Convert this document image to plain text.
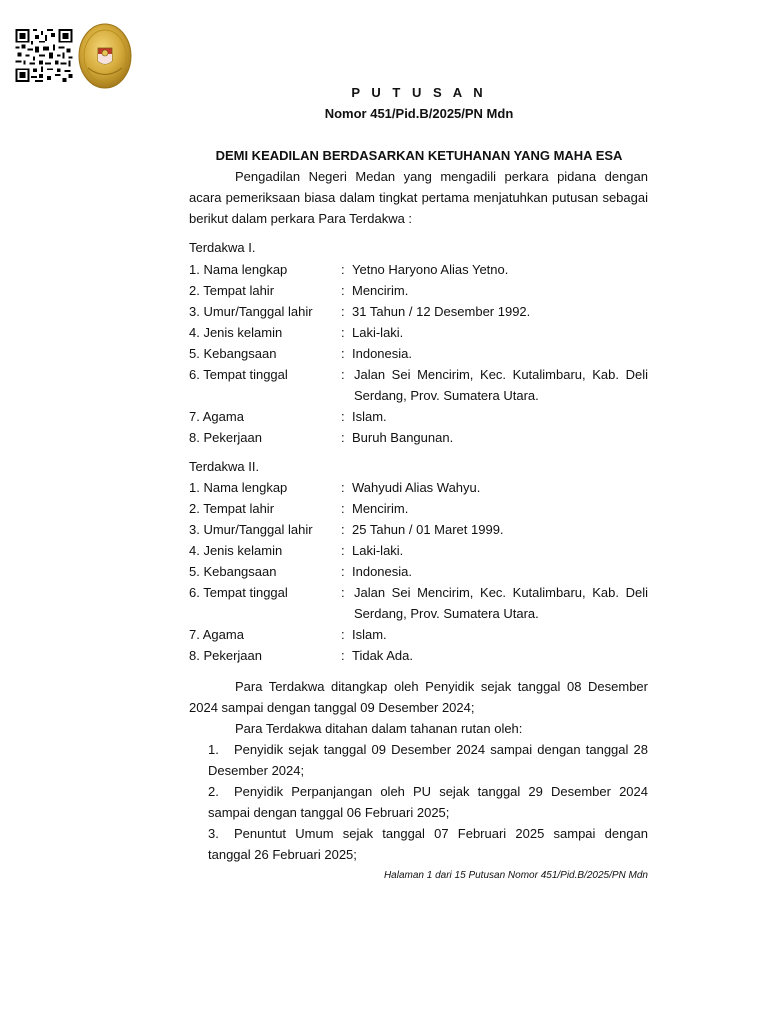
P U T U S A N
Nomor 451/Pid.B/2025/PN Mdn
DEMI KEADILAN BERDASARKAN KETUHANAN YANG MAHA ESA
Pengadilan Negeri Medan yang mengadili perkara pidana dengan acara pemeriksaan biasa dalam tingkat pertama menjatuhkan putusan sebagai berikut dalam perkara Para Terdakwa :
Terdakwa I.
1. Nama lengkap	: Yetno Haryono Alias Yetno.
2. Tempat lahir	: Mencirim.
3. Umur/Tanggal lahir : 31 Tahun / 12 Desember 1992.
4. Jenis kelamin	: Laki-laki.
5. Kebangsaan	: Indonesia.
6. Tempat tinggal	: Jalan Sei Mencirim, Kec. Kutalimbaru, Kab. Deli
Serdang, Prov. Sumatera Utara.
7. Agama	: Islam.
8. Pekerjaan	: Buruh Bangunan.
Terdakwa II.
1. Nama lengkap	: Wahyudi Alias Wahyu.
2. Tempat lahir	: Mencirim.
3. Umur/Tanggal lahir : 25 Tahun / 01 Maret 1999.
4. Jenis kelamin	: Laki-laki.
5. Kebangsaan	: Indonesia.
6. Tempat tinggal	: Jalan Sei Mencirim, Kec. Kutalimbaru, Kab. Deli
Serdang, Prov. Sumatera Utara.
7. Agama	: Islam.
8. Pekerjaan	: Tidak Ada.
Para Terdakwa ditangkap oleh Penyidik sejak tanggal 08 Desember 2024 sampai dengan tanggal 09 Desember 2024;
Para Terdakwa ditahan dalam tahanan rutan oleh:
1. Penyidik sejak tanggal 09 Desember 2024 sampai dengan tanggal 28 Desember 2024;
2. Penyidik Perpanjangan oleh PU sejak tanggal 29 Desember 2024 sampai dengan tanggal 06 Februari 2025;
3. Penuntut Umum sejak tanggal 07 Februari 2025 sampai dengan tanggal 26 Februari 2025;
Halaman 1 dari 15 Putusan Nomor 451/Pid.B/2025/PN Mdn
